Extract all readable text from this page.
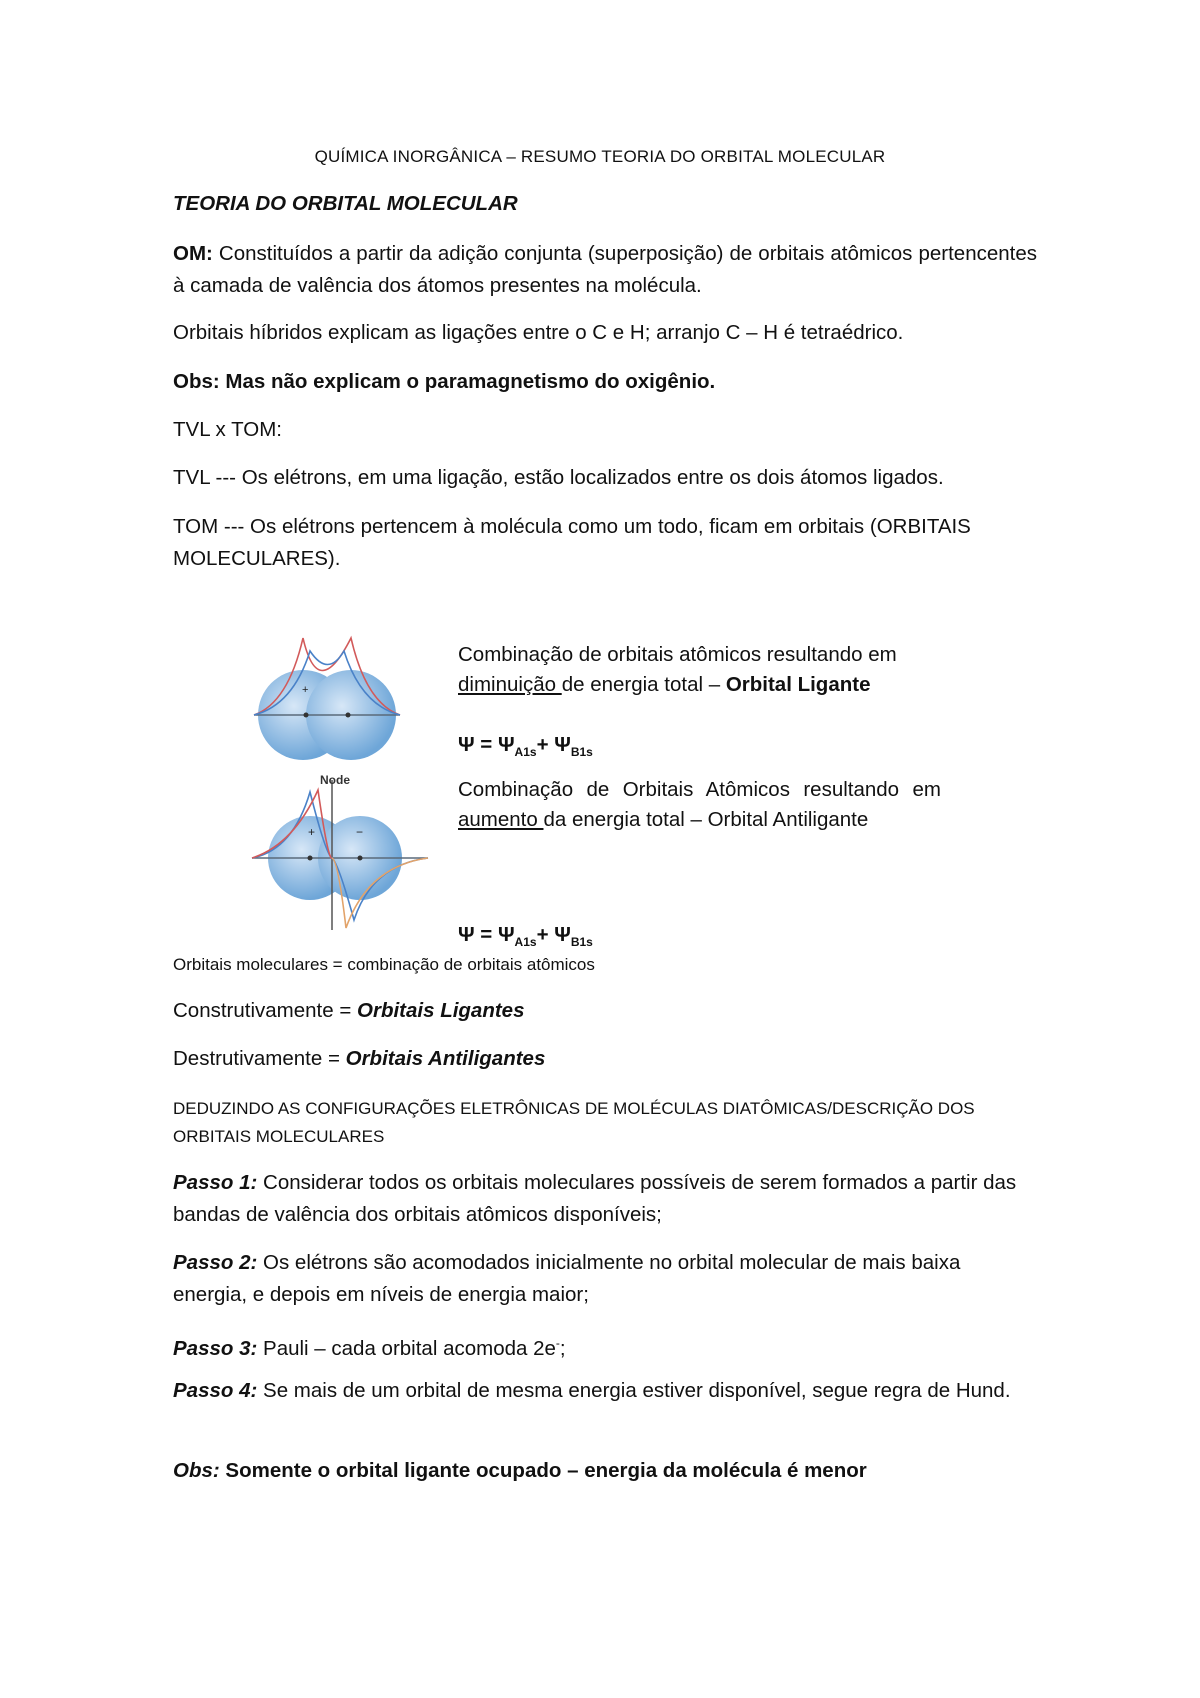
QUÍMICA INORGÂNICA – RESUMO TEORIA DO ORBITAL MOLECULAR
TEORIA DO ORBITAL MOLECULAR
OM: Constituídos a partir da adição conjunta (superposição) de orbitais atômicos pertencentes à camada de valência dos átomos presentes na molécula.
Orbitais híbridos explicam as ligações entre o C e H; arranjo C – H é tetraédrico.
Obs: Mas não explicam o paramagnetismo do oxigênio.
TVL x TOM:
TVL --- Os elétrons, em uma ligação, estão localizados entre os dois átomos ligados.
TOM --- Os elétrons pertencem à molécula como um todo, ficam em orbitais (ORBITAIS MOLECULARES).
+
Node
+	−
Combinação de orbitais atômicos resultando em
diminuição de energia total – Orbital Ligante
$\Psi = \Psi_{A1s}+ \Psi_{B1s}$
Combinação de Orbitais Atômicos resultando em aumento da energia total – Orbital Antiligante
$\Psi = \Psi_{A1s}+ \Psi_{B1s}$
Orbitais moleculares = combinação de orbitais atômicos
Construtivamente = Orbitais Ligantes
Destrutivamente = Orbitais Antiligantes
DEDUZINDO AS CONFIGURAÇÕES ELETRÔNICAS DE MOLÉCULAS DIATÔMICAS/DESCRIÇÃO DOS ORBITAIS MOLECULARES
Passo 1: Considerar todos os orbitais moleculares possíveis de serem formados a partir das bandas de valência dos orbitais atômicos disponíveis;
Passo 2: Os elétrons são acomodados inicialmente no orbital molecular de mais baixa energia, e depois em níveis de energia maior;
Passo 3: Pauli – cada orbital acomoda 2e-;
Passo 4: Se mais de um orbital de mesma energia estiver disponível, segue regra de Hund.
Obs: Somente o orbital ligante ocupado – energia da molécula é menor
